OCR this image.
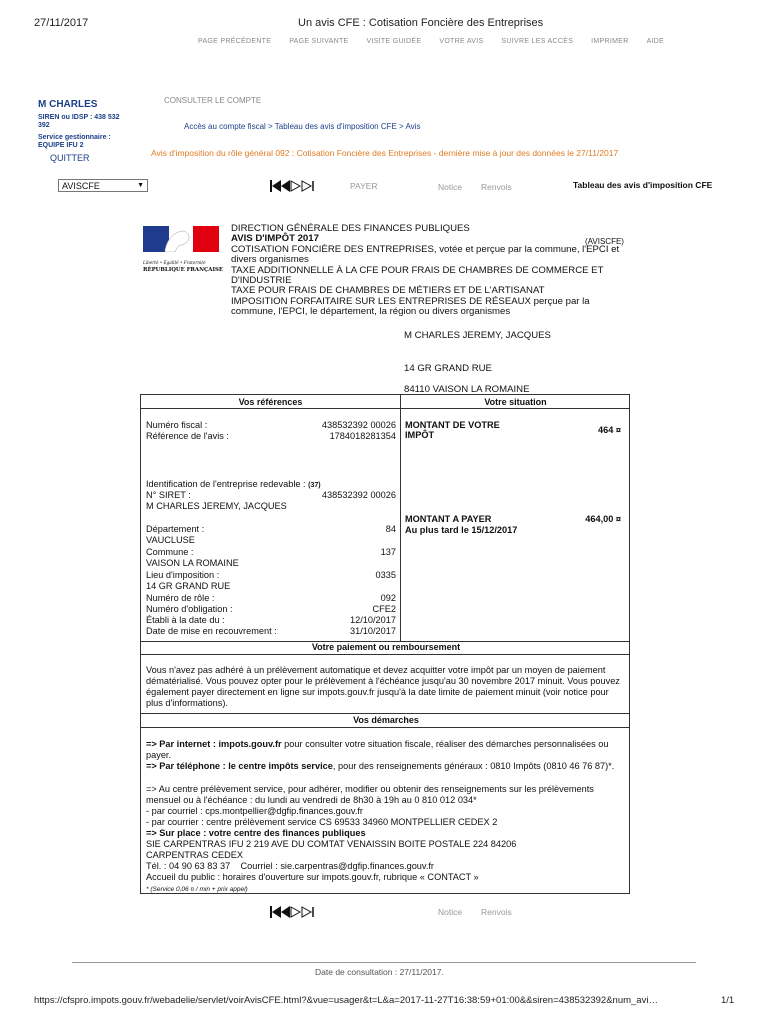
27/11/2017	Un avis CFE : Cotisation Foncière des Entreprises
PAGE PRÉCÉDENTE	PAGE SUIVANTE	VISITE GUIDÉE	VOTRE AVIS	SUIVRE LES ACCÈS	IMPRIMER	AIDE
M CHARLES
SIREN ou IDSP : 438 532
392
Service gestionnaire :
EQUIPE IFU 2
QUITTER
CONSULTER LE COMPTE
Accès au compte fiscal > Tableau des avis d'imposition CFE > Avis
Avis d'imposition du rôle général 092 : Cotisation Foncière des Entreprises - dernière mise à jour des données le 27/11/2017
AVISCFE	▼	PAYER	Notice Renvois	Tableau des avis d'imposition CFE
Liberté • Égalité • Fraternité
RÉPUBLIQUE FRANÇAISE
DIRECTION GÉNÉRALE DES FINANCES PUBLIQUES
AVIS D'IMPÔT 2017	(AVISCFE)
COTISATION FONCIÈRE DES ENTREPRISES, votée et perçue par la commune, l'EPCI et divers organismes
TAXE ADDITIONNELLE À LA CFE POUR FRAIS DE CHAMBRES DE COMMERCE ET D'INDUSTRIE
TAXE POUR FRAIS DE CHAMBRES DE MÉTIERS ET DE L'ARTISANAT
IMPOSITION FORFAITAIRE SUR LES ENTREPRISES DE RÉSEAUX perçue par la commune, l'EPCI, le département, la région ou divers organismes
M CHARLES JEREMY, JACQUES
14 GR GRAND RUE
84110 VAISON LA ROMAINE
Vos références	Votre situation
Numéro fiscal :	438532392 00026
Référence de l'avis :	1784018281354
Identification de l'entreprise redevable : (37)
N° SIRET :	438532392 00026
M CHARLES JEREMY, JACQUES
Département :	84
VAUCLUSE
Commune :	137
VAISON LA ROMAINE
Lieu d'imposition :	0335
14 GR GRAND RUE
Numéro de rôle :	092
Numéro d'obligation :	CFE2
Établi à la date du :	12/10/2017
Date de mise en recouvrement :	31/10/2017
MONTANT DE VOTRE
IMPÔT	464 ¤
MONTANT A PAYER	464,00 ¤
Au plus tard le 15/12/2017
Votre paiement ou remboursement
Vous n'avez pas adhéré à un prélèvement automatique et devez acquitter votre impôt par un moyen de paiement dématérialisé. Vous pouvez opter pour le prélèvement à l'échéance jusqu'au 30 novembre 2017 minuit. Vous pouvez également payer directement en ligne sur impots.gouv.fr jusqu'à la date limite de paiement minuit (voir notice pour plus d'informations).
Vos démarches
=> Par internet : impots.gouv.fr pour consulter votre situation fiscale, réaliser des démarches personnalisées ou payer.
=> Par téléphone : le centre impôts service, pour des renseignements généraux : 0810 Impôts (0810 46 76 87)*.
=> Au centre prélèvement service, pour adhérer, modifier ou obtenir des renseignements sur les prélèvements mensuel ou à l'échéance : du lundi au vendredi de 8h30 à 19h au 0 810 012 034*
- par courriel : cps.montpellier@dgfip.finances.gouv.fr
- par courrier : centre prélèvement service CS 69533 34960 MONTPELLIER CEDEX 2
=> Sur place : votre centre des finances publiques
SIE CARPENTRAS IFU 2 219 AVE DU COMTAT VENAISSIN BOITE POSTALE 224 84206
CARPENTRAS CEDEX
Tél. : 04 90 63 83 37    Courriel : sie.carpentras@dgfip.finances.gouv.fr
Accueil du public : horaires d'ouverture sur impots.gouv.fr, rubrique « CONTACT »
* (Service 0,06 ¤ / min + prix appel)
Notice Renvois
Date de consultation : 27/11/2017.
https://cfspro.impots.gouv.fr/webadelie/servlet/voirAvisCFE.html?&vue=usager&t=L&a=2017-11-27T16:38:59+01:00&&siren=438532392&num_avi…	1/1
